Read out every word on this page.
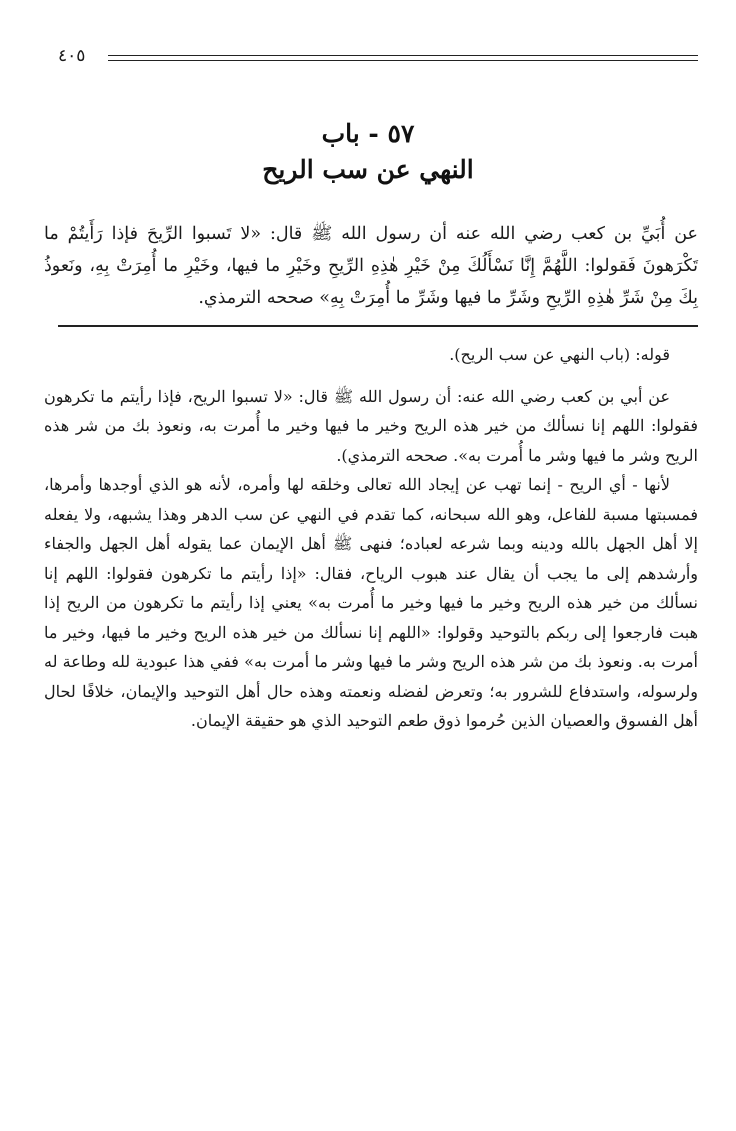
٤٠٥
٥٧ - باب
النهي عن سب الريح

عن أُبَيِّ بن كعب رضي الله عنه أن رسول الله ﷺ قال: «لا تَسبوا الرِّيحَ فإذا رَأَيتُمْ ما تَكْرَهونَ فَقولوا: اللَّهُمَّ إِنَّا نَسْأَلُكَ مِنْ خَيْرِ هٰذِهِ الرِّيحِ وخَيْرِ ما فيها، وخَيْرِ ما أُمِرَتْ بِهِ، ونَعوذُ بِكَ مِنْ شَرِّ هٰذِهِ الرِّيحِ وشَرِّ ما فيها وشَرِّ ما أُمِرَتْ بِهِ» صححه الترمذي.

قوله: (باب النهي عن سب الريح).

عن أبي بن كعب رضي الله عنه: أن رسول الله ﷺ قال: «لا تسبوا الريح، فإذا رأيتم ما تكرهون فقولوا: اللهم إنا نسألك من خير هذه الريح وخير ما فيها وخير ما أُمرت به، ونعوذ بك من شر هذه الريح وشر ما فيها وشر ما أُمرت به». صححه الترمذي).

لأنها - أي الريح - إنما تهب عن إيجاد الله تعالى وخلقه لها وأمره، لأنه هو الذي أوجدها وأمرها، فمسبتها مسبة للفاعل، وهو الله سبحانه، كما تقدم في النهي عن سب الدهر وهذا يشبهه، ولا يفعله إلا أهل الجهل بالله ودينه وبما شرعه لعباده؛ فنهى ﷺ أهل الإيمان عما يقوله أهل الجهل والجفاء وأرشدهم إلى ما يجب أن يقال عند هبوب الرياح، فقال: «إذا رأيتم ما تكرهون فقولوا: اللهم إنا نسألك من خير هذه الريح وخير ما فيها وخير ما أُمرت به» يعني إذا رأيتم ما تكرهون من الريح إذا هبت فارجعوا إلى ربكم بالتوحيد وقولوا: «اللهم إنا نسألك من خير هذه الريح وخير ما فيها، وخير ما أمرت به. ونعوذ بك من شر هذه الريح وشر ما فيها وشر ما أمرت به» ففي هذا عبودية لله وطاعة له ولرسوله، واستدفاع للشرور به؛ وتعرض لفضله ونعمته وهذه حال أهل التوحيد والإيمان، خلافًا لحال أهل الفسوق والعصيان الذين حُرموا ذوق طعم التوحيد الذي هو حقيقة الإيمان.
